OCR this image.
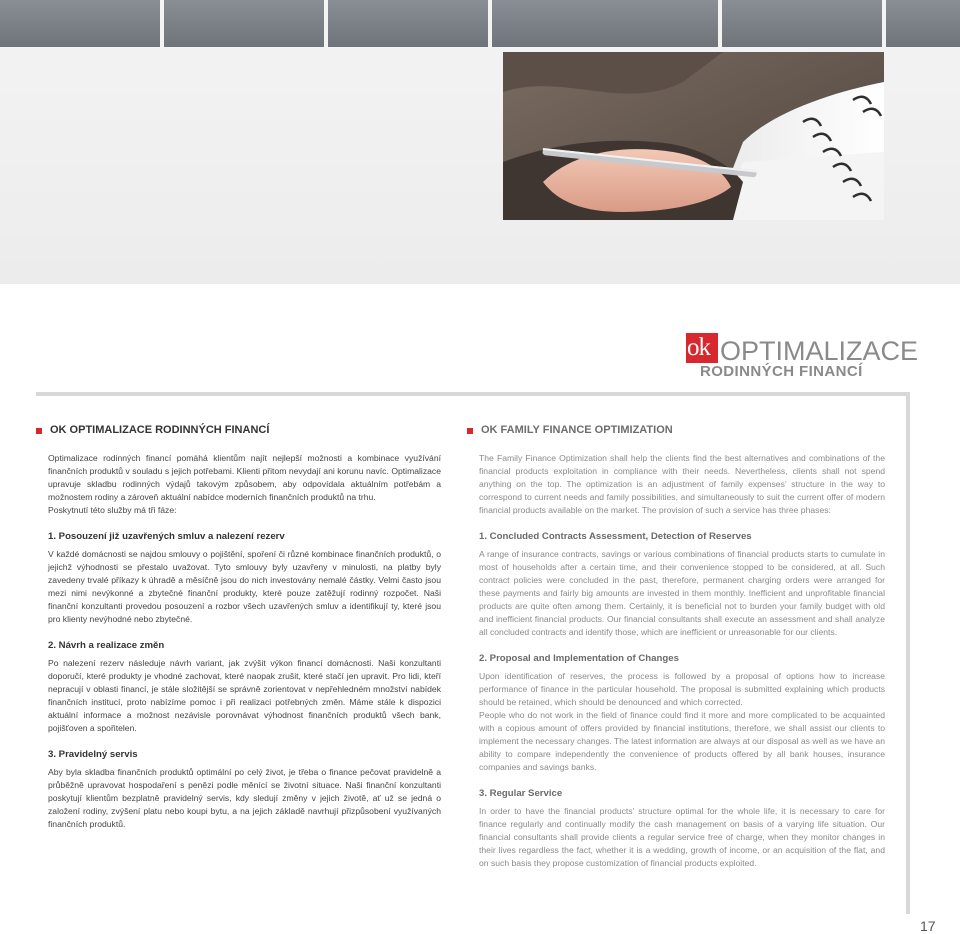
ok OPTIMALIZACE
RODINNÝCH FINANCÍ
OK OPTIMALIZACE RODINNÝCH FINANCÍ

Optimalizace rodinných financí pomáhá klientům najít nejlepší možnosti a kombinace využívání finančních produktů v souladu s jejich potřebami. Klienti přitom nevydají ani korunu navíc. Optimalizace upravuje skladbu rodinných výdajů takovým způsobem, aby odpovídala aktuálním potřebám a možnostem rodiny a zároveň aktuální nabídce moderních finančních produktů na trhu.

Poskytnutí této služby má tři fáze:

1. Posouzení již uzavřených smluv a nalezení rezerv

V každé domácnosti se najdou smlouvy o pojištění, spoření či různé kombinace finančních produktů, o jejichž výhodnosti se přestalo uvažovat. Tyto smlouvy byly uzavřeny v minulosti, na platby byly zavedeny trvalé příkazy k úhradě a měsíčně jsou do nich investovány nemalé částky. Velmi často jsou mezi nimi nevýkonné a zbytečné finanční produkty, které pouze zatěžují rodinný rozpočet. Naši finanční konzultanti provedou posouzení a rozbor všech uzavřených smluv a identifikují ty, které jsou pro klienty nevýhodné nebo zbytečné.

2. Návrh a realizace změn

Po nalezení rezerv následuje návrh variant, jak zvýšit výkon financí domácnosti. Naši konzultanti doporučí, které produkty je vhodné zachovat, které naopak zrušit, které stačí jen upravit. Pro lidi, kteří nepracují v oblasti financí, je stále složitější se správně zorientovat v nepřehledném množství nabídek finančních institucí, proto nabízíme pomoc i při realizaci potřebných změn. Máme stále k dispozici aktuální informace a možnost nezávisle porovnávat výhodnost finančních produktů všech bank, pojišťoven a spořitelen.

3. Pravidelný servis

Aby byla skladba finančních produktů optimální po celý život, je třeba o finance pečovat pravidelně a průběžně upravovat hospodaření s penězi podle měnící se životní situace. Naši finanční konzultanti poskytují klientům bezplatně pravidelný servis, kdy sledují změny v jejich životě, ať už se jedná o založení rodiny, zvýšení platu nebo koupi bytu, a na jejich základě navrhují přizpůsobení využívaných finančních produktů.

OK FAMILY FINANCE OPTIMIZATION

The Family Finance Optimization shall help the clients find the best alternatives and combinations of the financial products exploitation in compliance with their needs. Nevertheless, clients shall not spend anything on the top. The optimization is an adjustment of family expenses’ structure in the way to correspond to current needs and family possibilities, and simultaneously to suit the current offer of modern financial products available on the market. The provision of such a service has three phases:

1. Concluded Contracts Assessment, Detection of Reserves

A range of insurance contracts, savings or various combinations of financial products starts to cumulate in most of households after a certain time, and their convenience stopped to be considered, at all. Such contract policies were concluded in the past, therefore, permanent charging orders were arranged for these payments and fairly big amounts are invested in them monthly. Inefficient and unprofitable financial products are quite often among them. Certainly, it is beneficial not to burden your family budget with old and inefficient financial products. Our financial consultants shall execute an assessment and shall analyze all concluded contracts and identify those, which are inefficient or unreasonable for our clients.

2. Proposal and Implementation of Changes

Upon identification of reserves, the process is followed by a proposal of options how to increase performance of finance in the particular household. The proposal is submitted explaining which products should be retained, which should be denounced and which corrected.

People who do not work in the field of finance could find it more and more complicated to be acquainted with a copious amount of offers provided by financial institutions, therefore, we shall assist our clients to implement the necessary changes. The latest information are always at our disposal as well as we have an ability to compare independently the convenience of products offered by all bank houses, insurance companies and savings banks.

3. Regular Service

In order to have the financial products’ structure optimal for the whole life, it is necessary to care for finance regularly and continually modify the cash management on basis of a varying life situation. Our financial consultants shall provide clients a regular service free of charge, when they monitor changes in their lives regardless the fact, whether it is a wedding, growth of income, or an acquisition of the flat, and on such basis they propose customization of financial products exploited.

17
